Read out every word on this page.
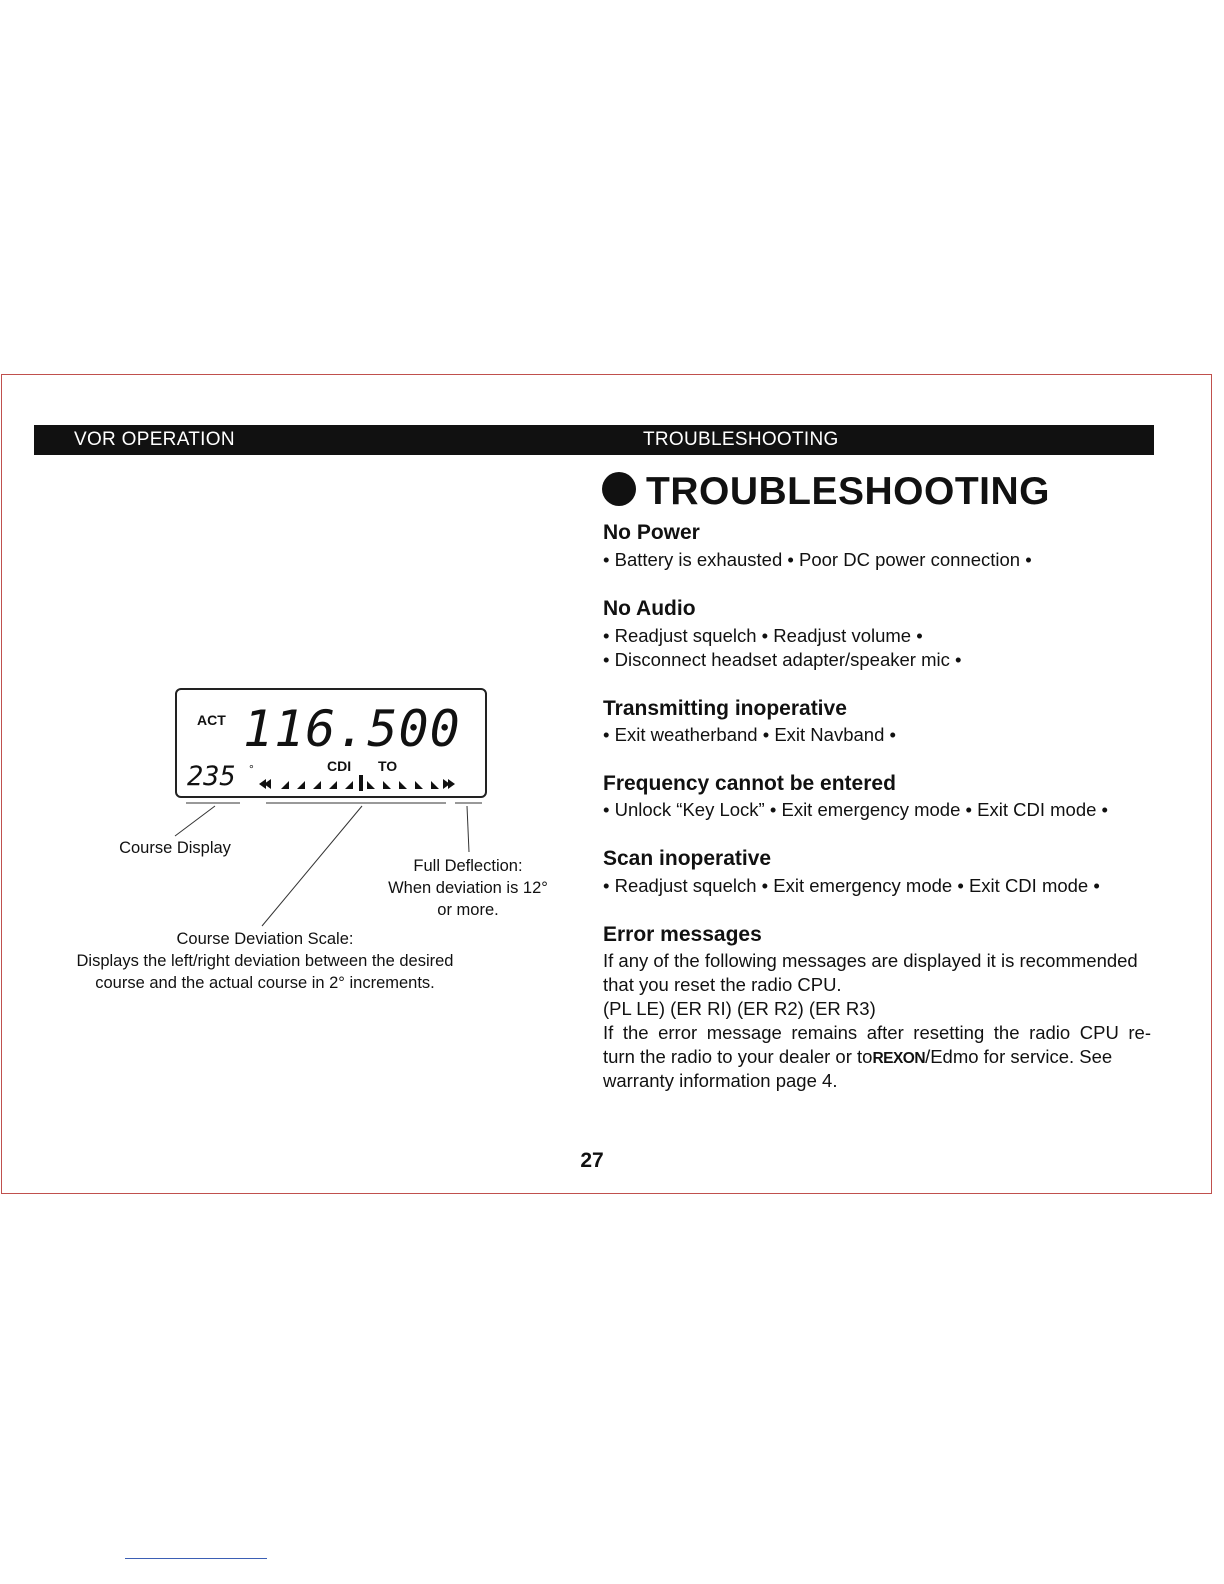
VOR OPERATION	TROUBLESHOOTING
ACT 116.500
235 °	CDI TO
Course Display
Full Deflection:
When deviation is 12°
or more.
Course Deviation Scale:
Displays the left/right deviation between the desired
course and the actual course in 2° increments.
TROUBLESHOOTING
No Power
• Battery is exhausted • Poor DC power connection •
No Audio
• Readjust squelch • Readjust volume •
• Disconnect headset adapter/speaker mic •
Transmitting inoperative
• Exit weatherband • Exit Navband •
Frequency cannot be entered
• Unlock “Key Lock” • Exit emergency mode • Exit CDI mode •
Scan inoperative
• Readjust squelch • Exit emergency mode • Exit CDI mode •
Error messages
If any of the following messages are displayed it is recommended
that you reset the radio CPU.
(PL LE) (ER RI) (ER R2) (ER R3)
If the error message remains after resetting the radio CPU re-
turn the radio to your dealer or toREXON/Edmo for service. See
warranty information page 4.
27
